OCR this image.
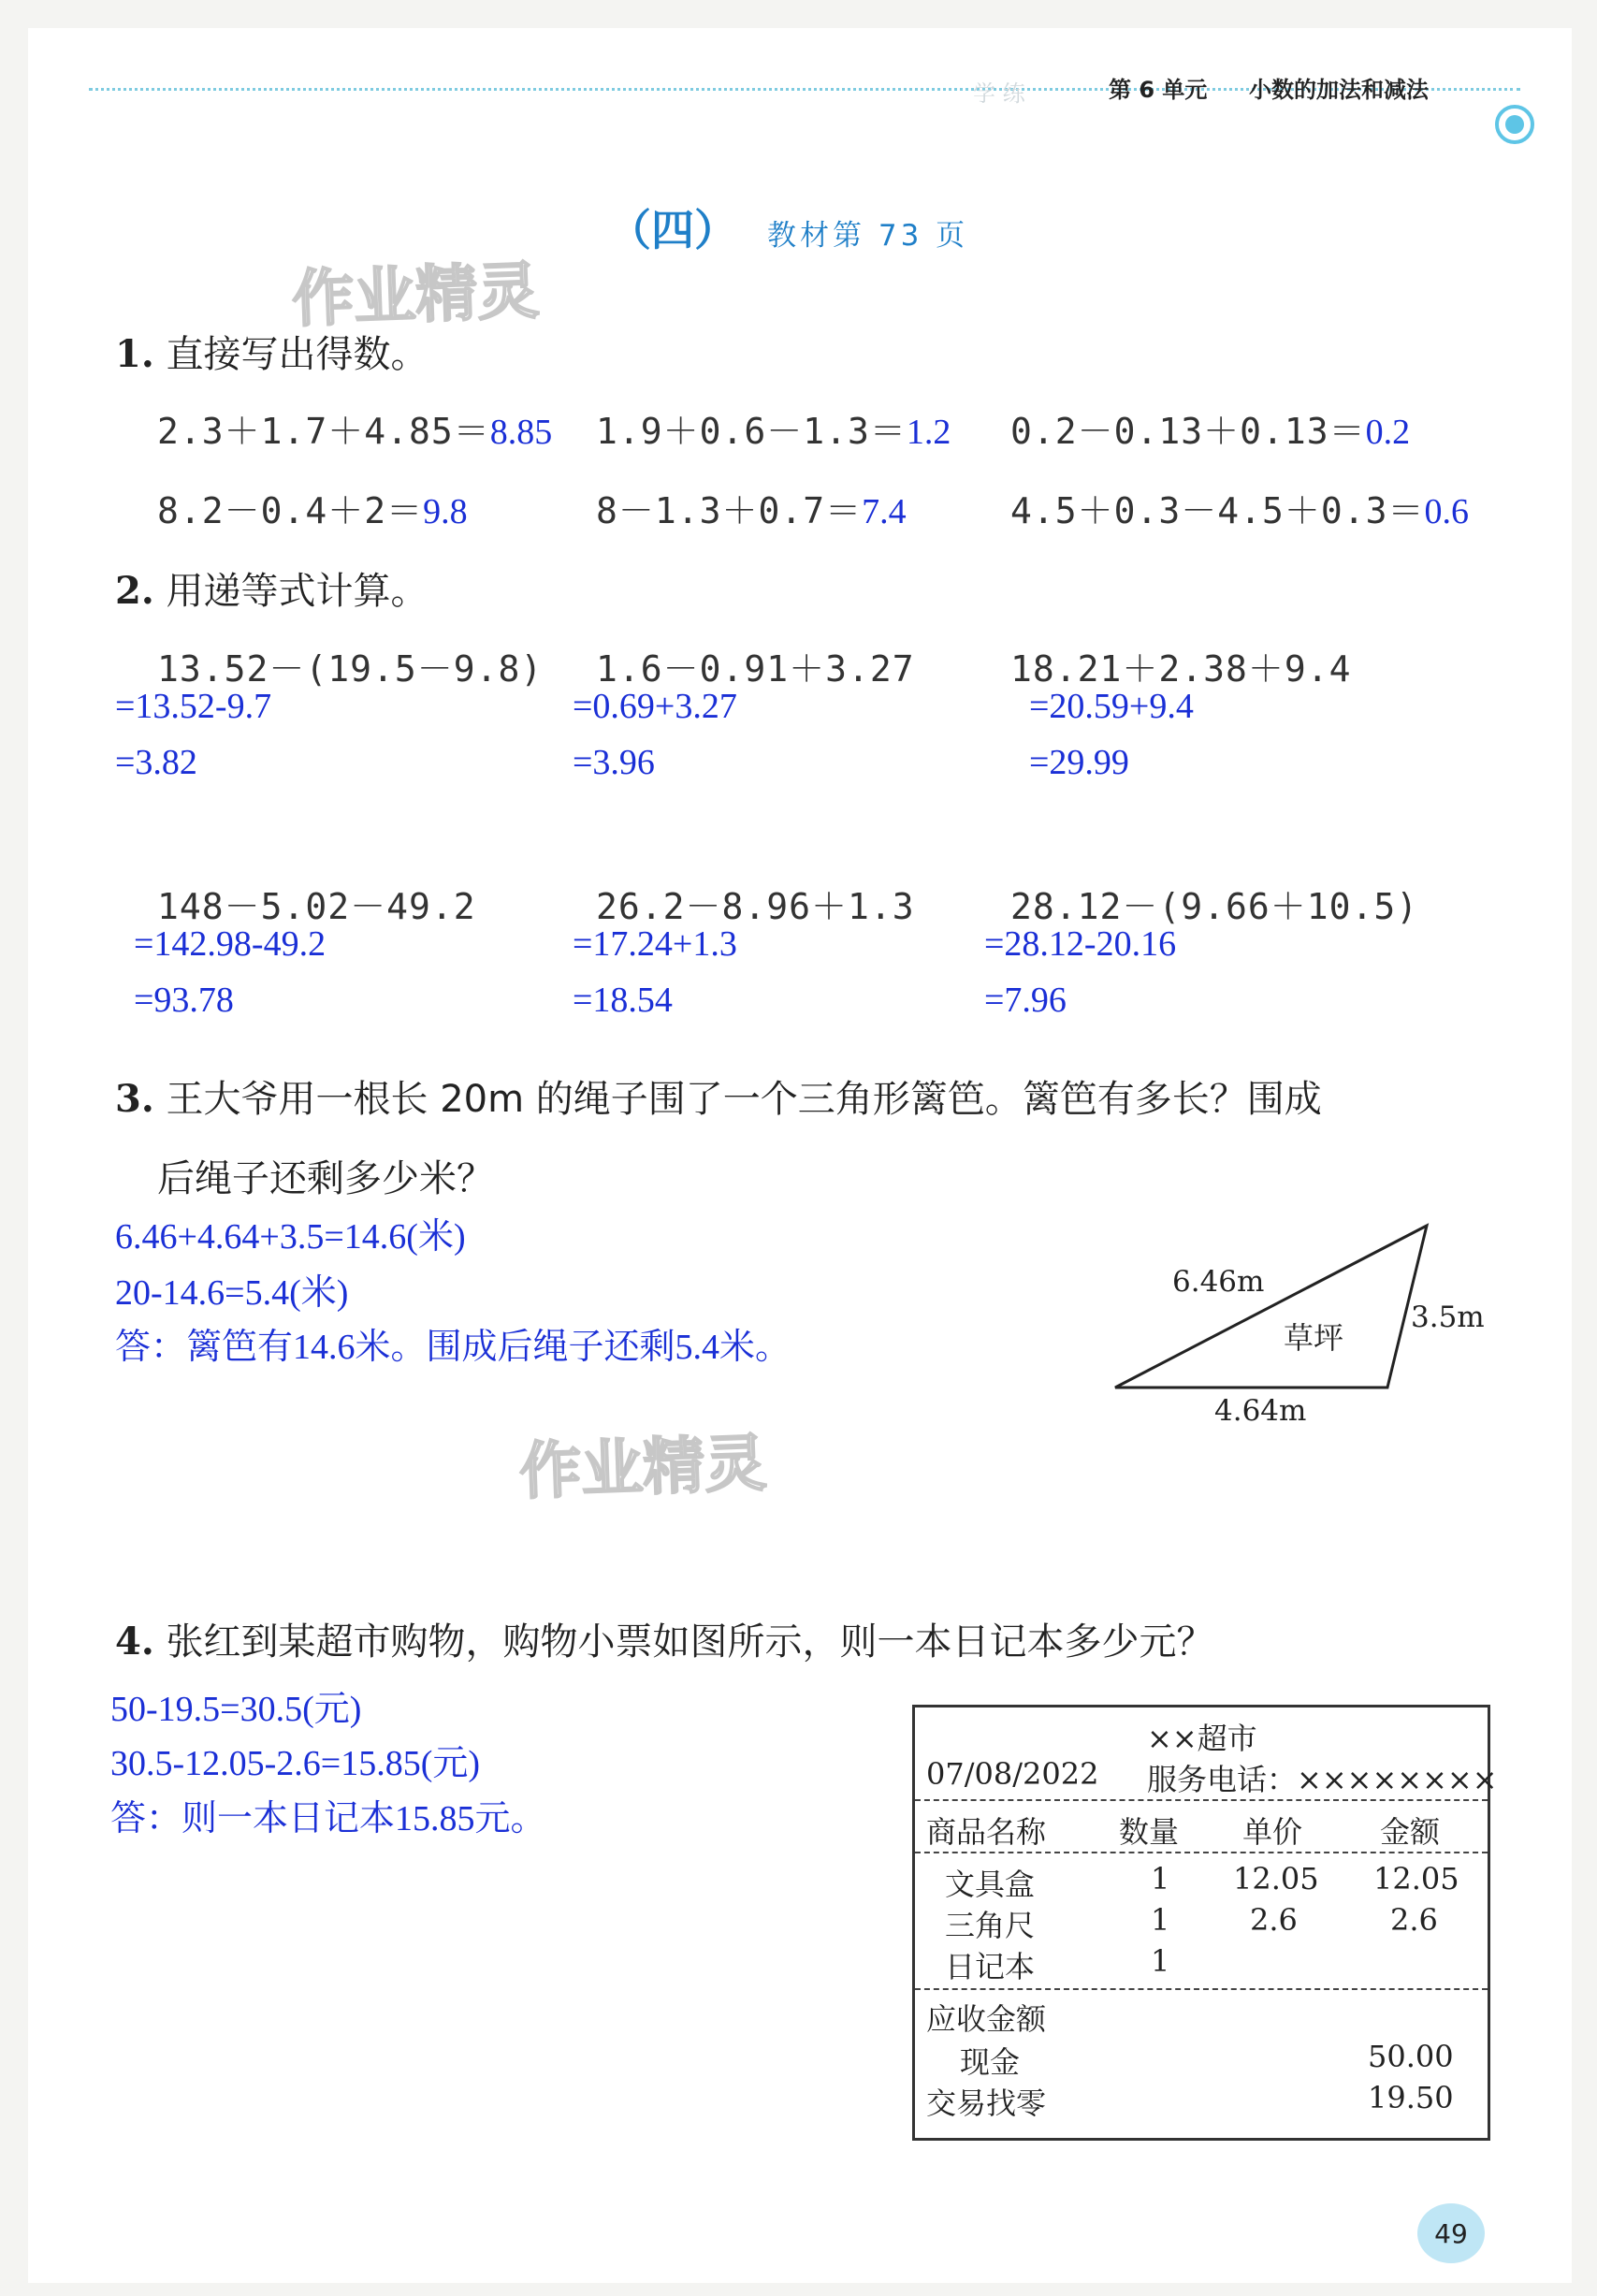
学 练	第 6 单元 小数的加法和减法
（四） 教材第 73 页
作业精灵
作业精灵
1. 直接写出得数。
2.3＋1.7＋4.85＝8.85 1.9＋0.6－1.3＝1.2 0.2－0.13＋0.13＝0.2
8.2－0.4＋2＝9.8	8－1.3＋0.7＝7.4	4.5＋0.3－4.5＋0.3＝0.6
2. 用递等式计算。
13.52－(19.5－9.8)
=13.52-9.7
=3.82
1.6－0.91＋3.27
=0.69+3.27
=3.96
18.21＋2.38＋9.4
=20.59+9.4
=29.99
148－5.02－49.2
=142.98-49.2
=93.78
26.2－8.96＋1.3
=17.24+1.3
=18.54
28.12－(9.66＋10.5)
=28.12-20.16
=7.96
3. 王大爷用一根长 20m 的绳子围了一个三角形篱笆。篱笆有多长？围成
后绳子还剩多少米？
6.46+4.64+3.5=14.6(米)
20-14.6=5.4(米)
答：篱笆有14.6米。围成后绳子还剩5.4米。
6.46m
3.5m
4.64m
草坪
4. 张红到某超市购物，购物小票如图所示，则一本日记本多少元？
50-19.5=30.5(元)
30.5-12.05-2.6=15.85(元)
答：则一本日记本15.85元。
××超市
07/08/2022 服务电话：××××××××
商品名称 数量 单价	金额
文具盒	1 12.05 12.05
三角尺	1	2.6	2.6
日记本	1
应收金额
现金	50.00
交易找零	19.50
49
